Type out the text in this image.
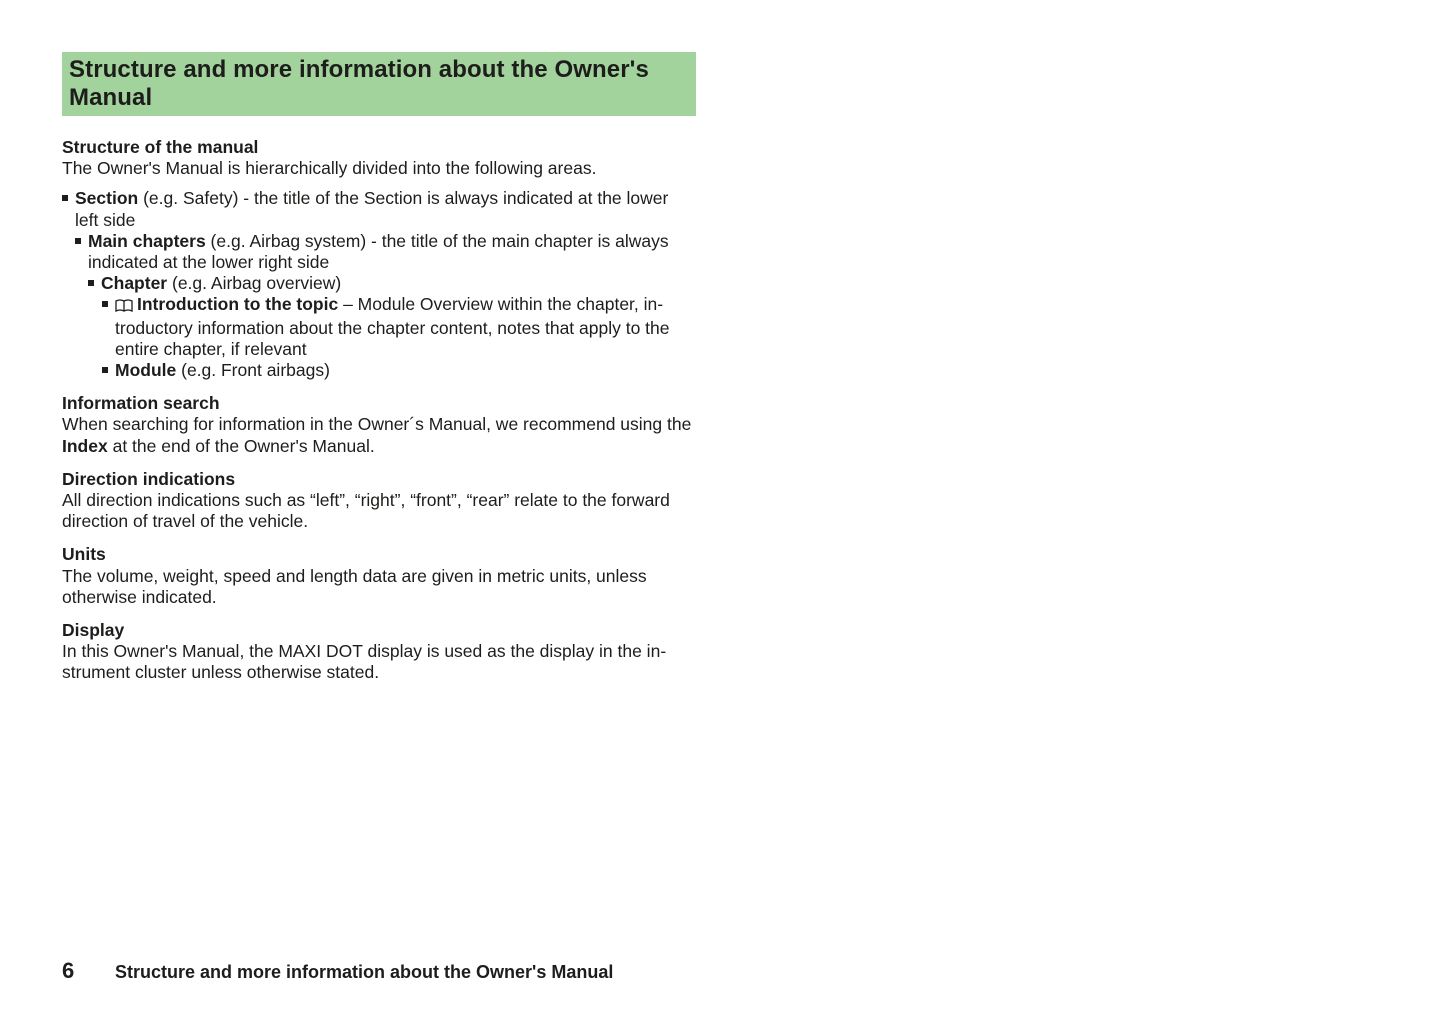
Structure and more information about the Owner's Manual
Structure of the manual

The Owner's Manual is hierarchically divided into the following areas.

Section (e.g. Safety) - the title of the Section is always indicated at the lower left side
Main chapters (e.g. Airbag system) - the title of the main chapter is always indicated at the lower right side
Chapter (e.g. Airbag overview)
Introduction to the topic – Module Overview within the chapter, introductory information about the chapter content, notes that apply to the entire chapter, if relevant
Module (e.g. Front airbags)
Information search

When searching for information in the Owner´s Manual, we recommend using the Index at the end of the Owner's Manual.

Direction indications

All direction indications such as “left”, “right”, “front”, “rear” relate to the forward direction of travel of the vehicle.

Units

The volume, weight, speed and length data are given in metric units, unless otherwise indicated.

Display

In this Owner's Manual, the MAXI DOT display is used as the display in the instrument cluster unless otherwise stated.

6 Structure and more information about the Owner's Manual
